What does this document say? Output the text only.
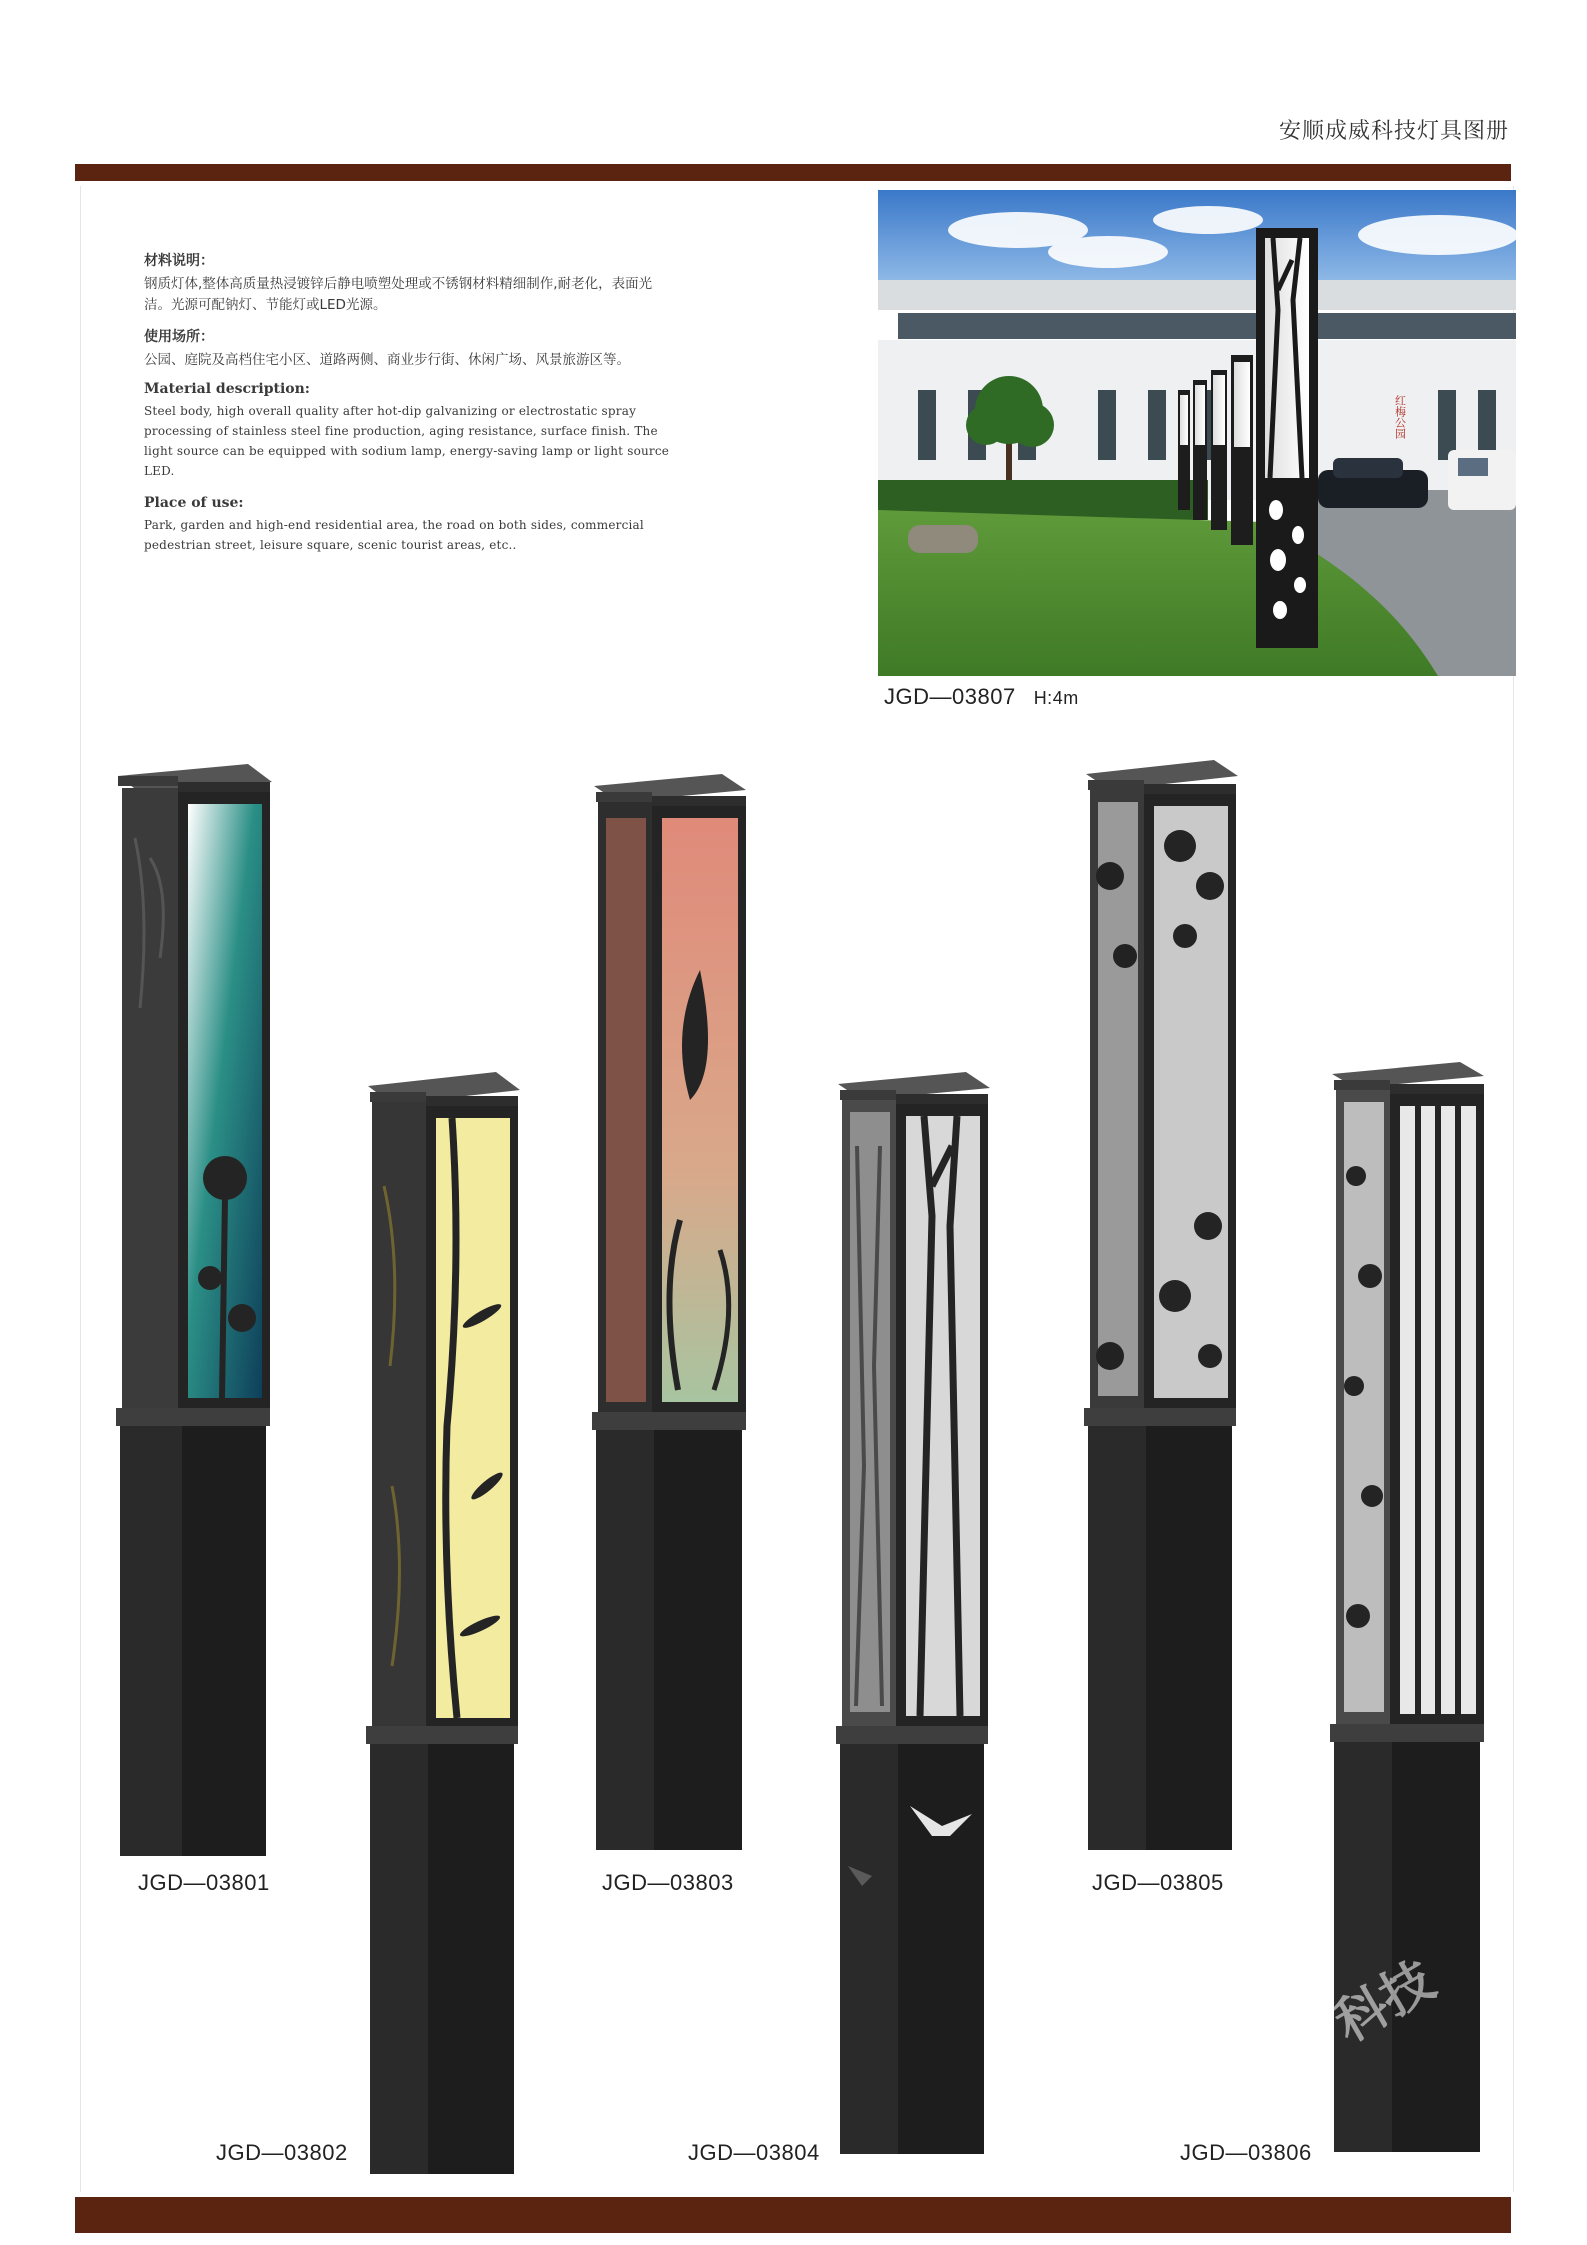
安顺成威科技灯具图册
材料说明：
钢质灯体,整体高质量热浸镀锌后静电喷塑处理或不锈钢材料精细制作,耐老化，表面光洁。光源可配钠灯、节能灯或LED光源。
使用场所：
公园、庭院及高档住宅小区、道路两侧、商业步行街、休闲广场、风景旅游区等。
Material description:
Steel body, high overall quality after hot-dip galvanizing or electrostatic spray processing of stainless steel fine production, aging resistance, surface finish. The light source can be equipped with sodium lamp, energy-saving lamp or light source LED.
Place of use:
Park, garden and high-end residential area, the road on both sides, commercial pedestrian street, leisure square, scenic tourist areas, etc..
红梅公园
JGD—03807 H:4m
JGD—03801
JGD—03802
JGD—03803
JGD—03804
JGD—03805
JGD—03806
科技
